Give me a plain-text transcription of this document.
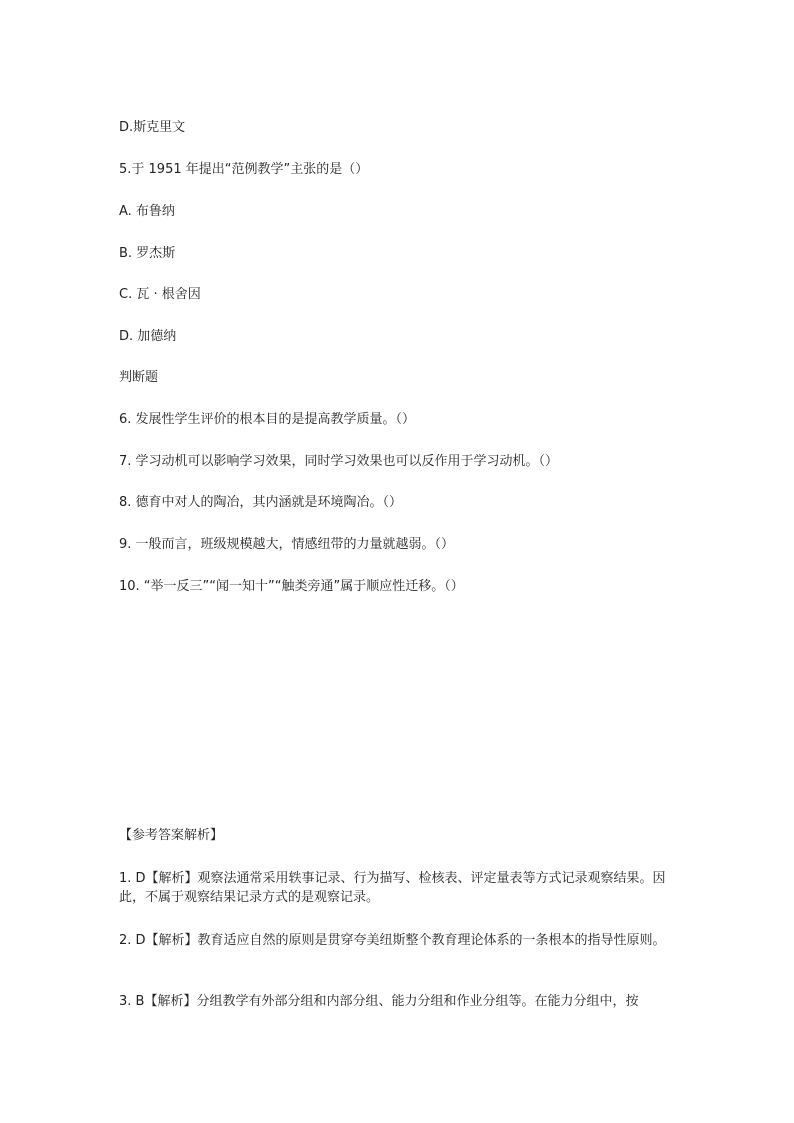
D.斯克里文
5.于 1951 年提出“范例教学”主张的是（）
A. 布鲁纳
B. 罗杰斯
C. 瓦 · 根舍因
D. 加德纳
判断题
6. 发展性学生评价的根本目的是提高教学质量。（）
7. 学习动机可以影响学习效果，同时学习效果也可以反作用于学习动机。（）
8. 德育中对人的陶冶，其内涵就是环境陶冶。（）
9. 一般而言，班级规模越大，情感纽带的力量就越弱。（）
10. “举一反三”“闻一知十”“触类旁通”属于顺应性迁移。（）
【参考答案解析】
1. D【解析】观察法通常采用轶事记录、行为描写、检核表、评定量表等方式记录观察结果。因此，不属于观察结果记录方式的是观察记录。
2. D【解析】教育适应自然的原则是贯穿夸美纽斯整个教育理论体系的一条根本的指导性原则。
3. B【解析】分组教学有外部分组和内部分组、能力分组和作业分组等。在能力分组中，按
